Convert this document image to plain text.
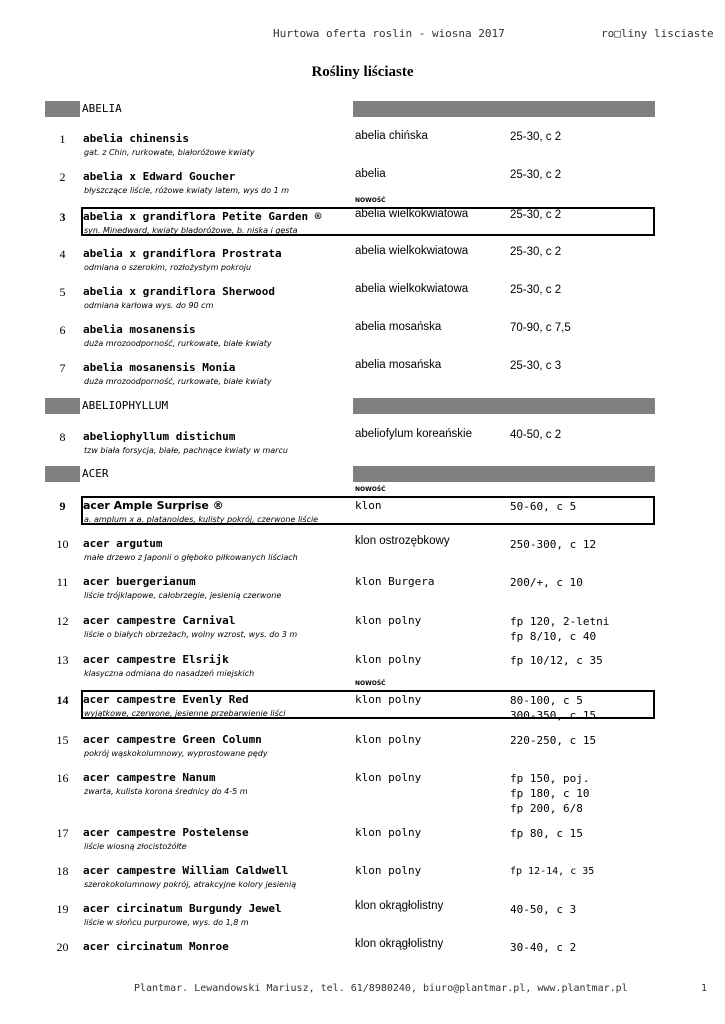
Hurtowa oferta roslin - wiosna 2017	ro□liny lisciaste
Rośliny liściaste
ABELIA
1	abelia chinensis
gat. z Chin, rurkowate, białoróżowe kwiaty
abelia chińska	25-30, c 2
2	abelia x Edward Goucher
błyszczące liście, różowe kwiaty latem, wys do 1 m
abelia	25-30, c 2
NOWOŚĆ
3	abelia x grandiflora Petite Garden ®
syn. Minedward, kwiaty bladoróżowe, b. niska i gęsta
abelia wielkokwiatowa	25-30, c 2
4	abelia x grandiflora Prostrata
odmiana o szerokim, rozłożystym pokroju
abelia wielkokwiatowa	25-30, c 2
5	abelia x grandiflora Sherwood
odmiana karłowa wys. do 90 cm
abelia wielkokwiatowa	25-30, c 2
6	abelia mosanensis
duża mrozoodporność, rurkowate, białe kwiaty
abelia mosańska	70-90, c 7,5
7	abelia mosanensis Monia
duża mrozoodporność, rurkowate, białe kwiaty
abelia mosańska	25-30, c 3
ABELIOPHYLLUM
8	abeliophyllum distichum
tzw biała forsycja, białe, pachnące kwiaty w marcu
abeliofylum koreańskie	40-50, c 2
ACER
NOWOŚĆ
9	acer Ample Surprise ®
a. amplum x a. platanoides, kulisty pokrój, czerwone liście
klon	50-60, c 5
10	acer argutum
małe drzewo z Japonii o głęboko piłkowanych liściach
klon ostrozębkowy	250-300, c 12
11	acer buergerianum
liście trójklapowe, całobrzegie, jesienią czerwone
klon Burgera	200/+, c 10
12	acer campestre Carnival
liście o białych obrzeżach, wolny wzrost, wys. do 3 m
klon polny	fp 120, 2-letni
fp 8/10, c 40
13	acer campestre Elsrijk
klasyczna odmiana do nasadzeń miejskich
klon polny	fp 10/12, c 35
NOWOŚĆ
14	acer campestre Evenly Red
wyjątkowe, czerwone, jesienne przebarwienie liści
klon polny	80-100, c 5
300-350, c 15
15	acer campestre Green Column
pokrój wąskokolumnowy, wyprostowane pędy
klon polny	220-250, c 15
16	acer campestre Nanum
zwarta, kulista korona średnicy do 4-5 m
klon polny	fp 150, poj.
fp 180, c 10
fp 200, 6/8
17	acer campestre Postelense
liście wiosną złocistożółte
klon polny	fp 80, c 15
18	acer campestre William Caldwell
szerokokolumnowy pokrój, atrakcyjne kolory jesienią
klon polny	fp 12-14, c 35
19	acer circinatum Burgundy Jewel
liście w słońcu purpurowe, wys. do 1,8 m
klon okrągłolistny	40-50, c 3
20	acer circinatum Monroe	klon okrągłolistny	30-40, c 2
Plantmar. Lewandowski Mariusz, tel. 61/8980240, biuro@plantmar.pl, www.plantmar.pl	1
